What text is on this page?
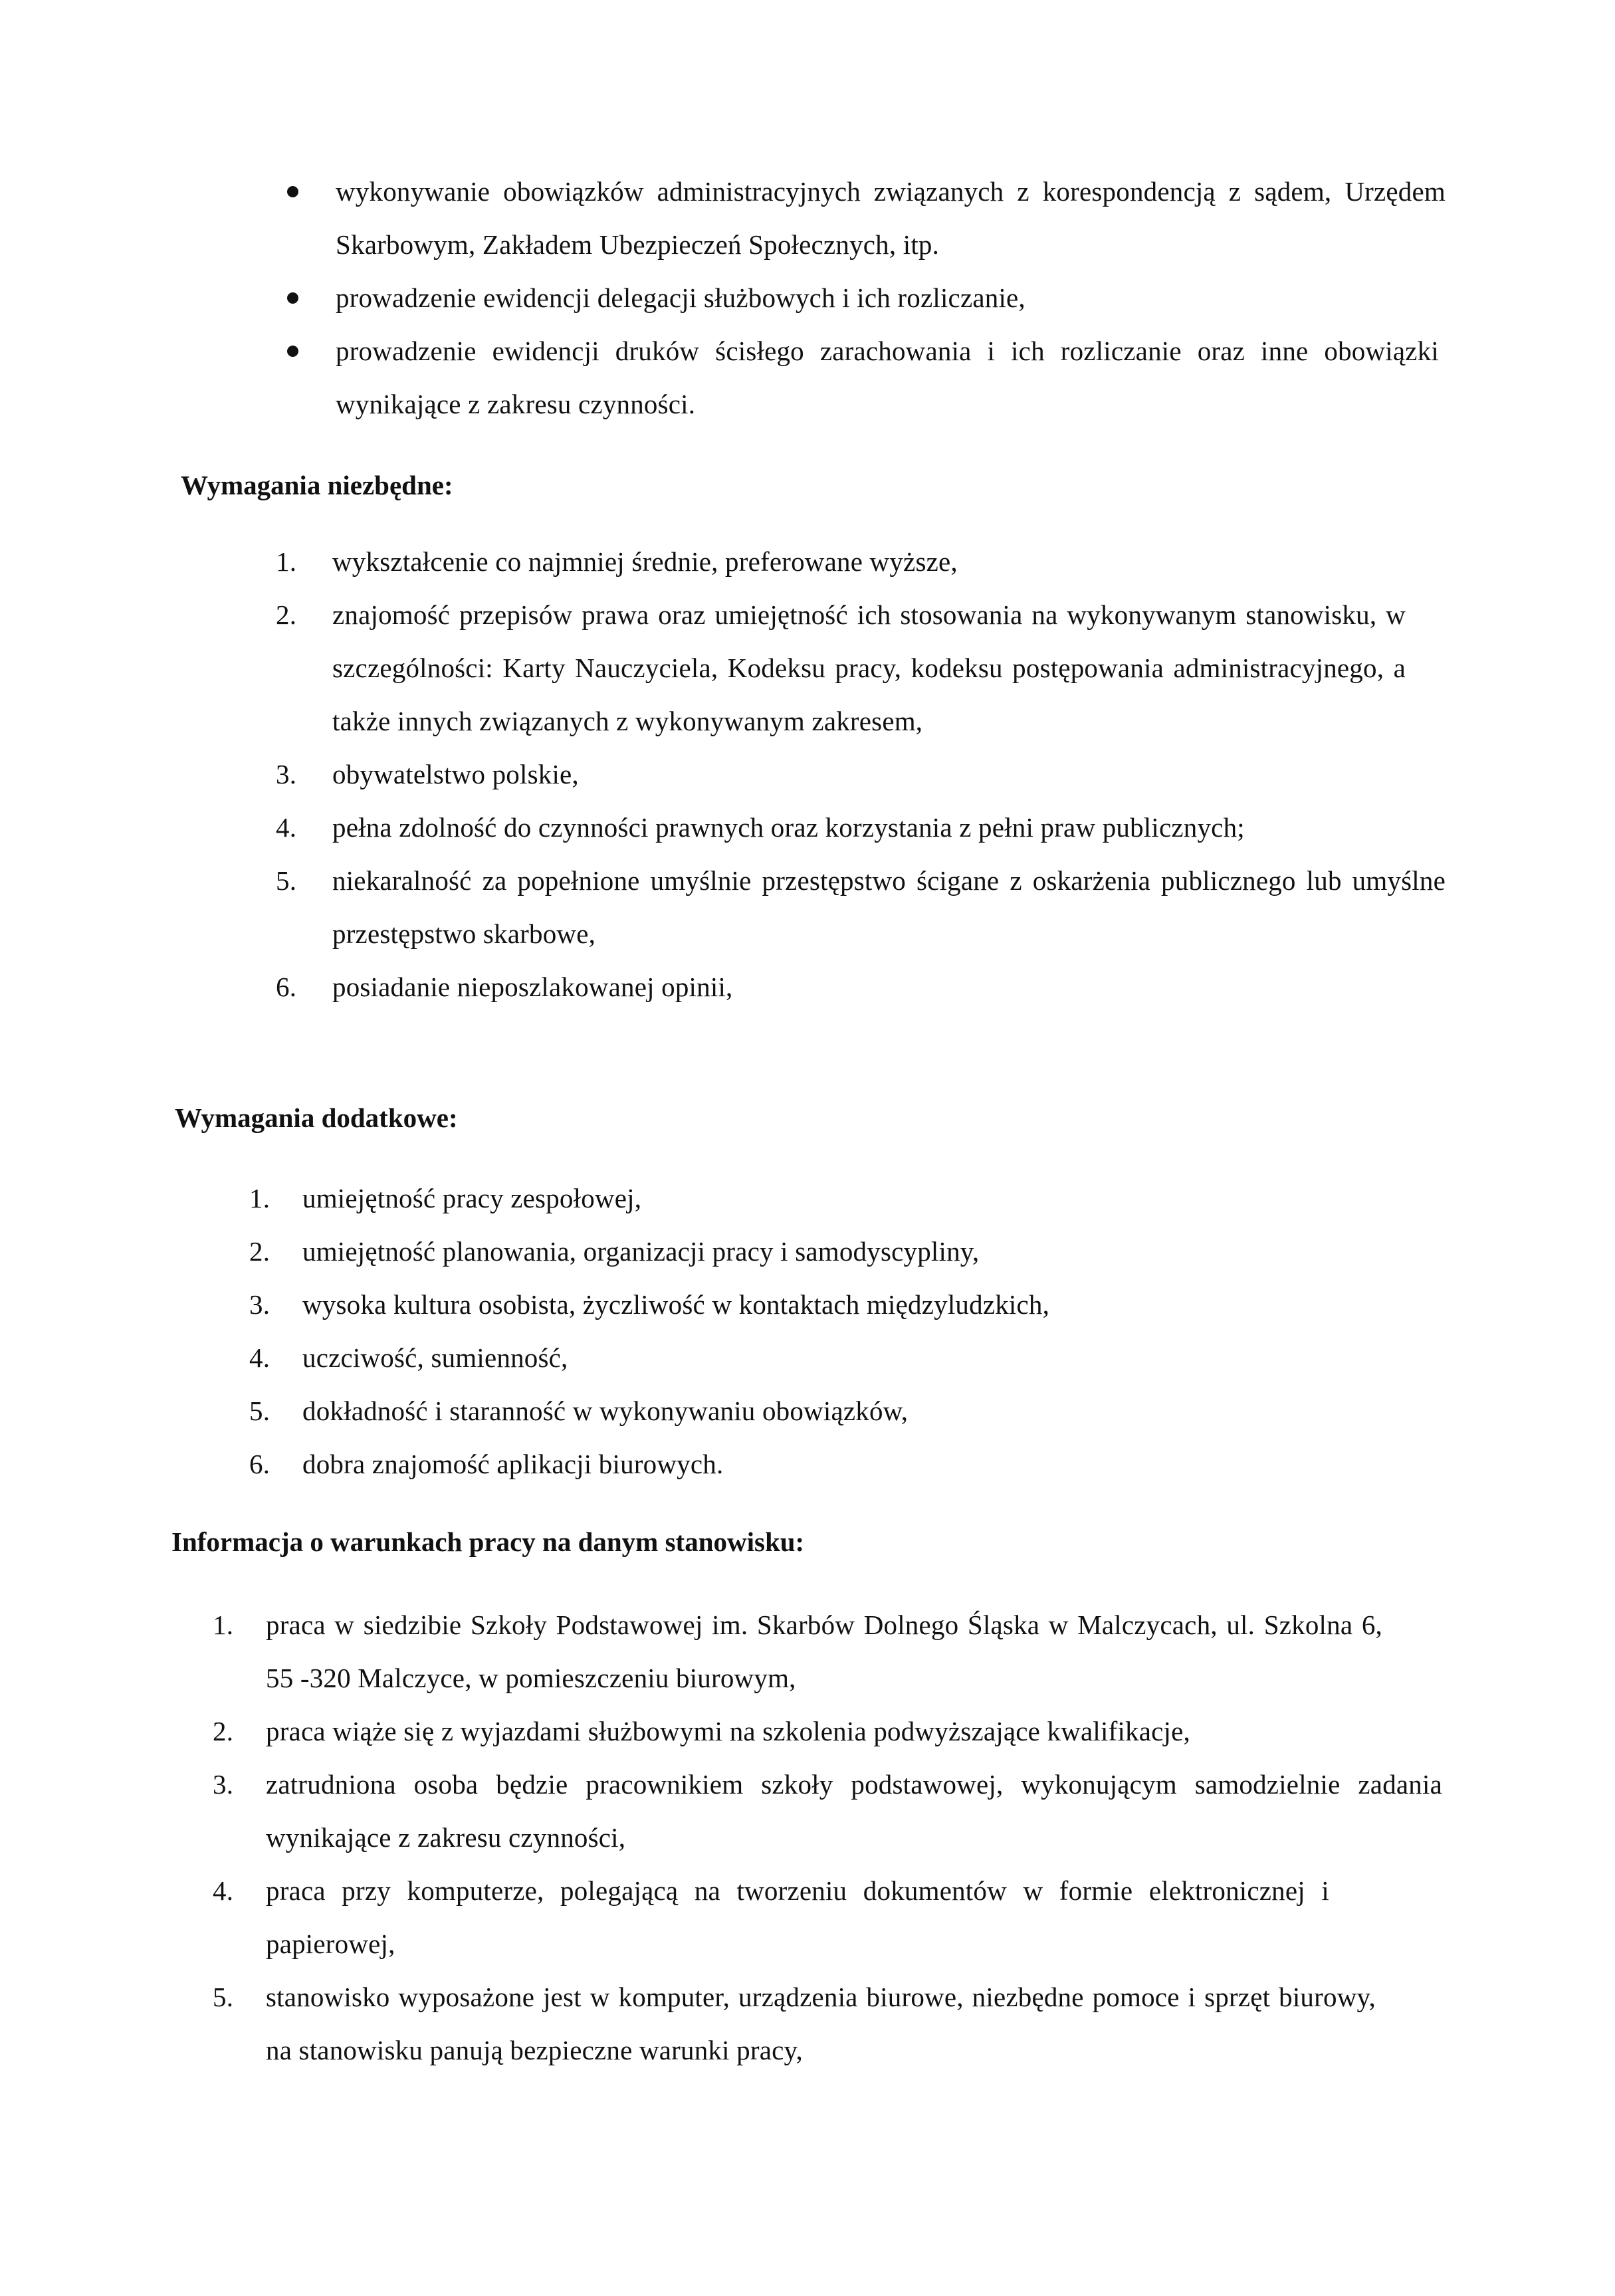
wykonywanie obowiązków administracyjnych związanych z korespondencją z sądem, Urzędem Skarbowym, Zakładem Ubezpieczeń Społecznych, itp.
prowadzenie ewidencji delegacji służbowych i ich rozliczanie,
prowadzenie ewidencji druków ścisłego zarachowania i ich rozliczanie oraz inne obowiązki wynikające z zakresu czynności.
Wymagania niezbędne:
1. wykształcenie co najmniej średnie, preferowane wyższe,
2. znajomość przepisów prawa oraz umiejętność ich stosowania na wykonywanym stanowisku, w szczególności: Karty Nauczyciela, Kodeksu pracy, kodeksu postępowania administracyjnego, a także innych związanych z wykonywanym zakresem,
3. obywatelstwo polskie,
4. pełna zdolność do czynności prawnych oraz korzystania z pełni praw publicznych;
5. niekaralność za popełnione umyślnie przestępstwo ścigane z oskarżenia publicznego lub umyślne przestępstwo skarbowe,
6. posiadanie nieposzlakowanej opinii,
Wymagania dodatkowe:
1. umiejętność pracy zespołowej,
2. umiejętność planowania, organizacji pracy i samodyscypliny,
3. wysoka kultura osobista, życzliwość w kontaktach międzyludzkich,
4. uczciwość, sumienność,
5. dokładność i staranność w wykonywaniu obowiązków,
6. dobra znajomość aplikacji biurowych.
Informacja o warunkach pracy na danym stanowisku:
1. praca w siedzibie Szkoły Podstawowej im. Skarbów Dolnego Śląska w Malczycach, ul. Szkolna 6, 55 -320 Malczyce, w pomieszczeniu biurowym,
2. praca wiąże się z wyjazdami służbowymi na szkolenia podwyższające kwalifikacje,
3. zatrudniona osoba będzie pracownikiem szkoły podstawowej, wykonującym samodzielnie zadania wynikające z zakresu czynności,
4. praca przy komputerze, polegającą na tworzeniu dokumentów w formie elektronicznej i papierowej,
5. stanowisko wyposażone jest w komputer, urządzenia biurowe, niezbędne pomoce i sprzęt biurowy, na stanowisku panują bezpieczne warunki pracy,
